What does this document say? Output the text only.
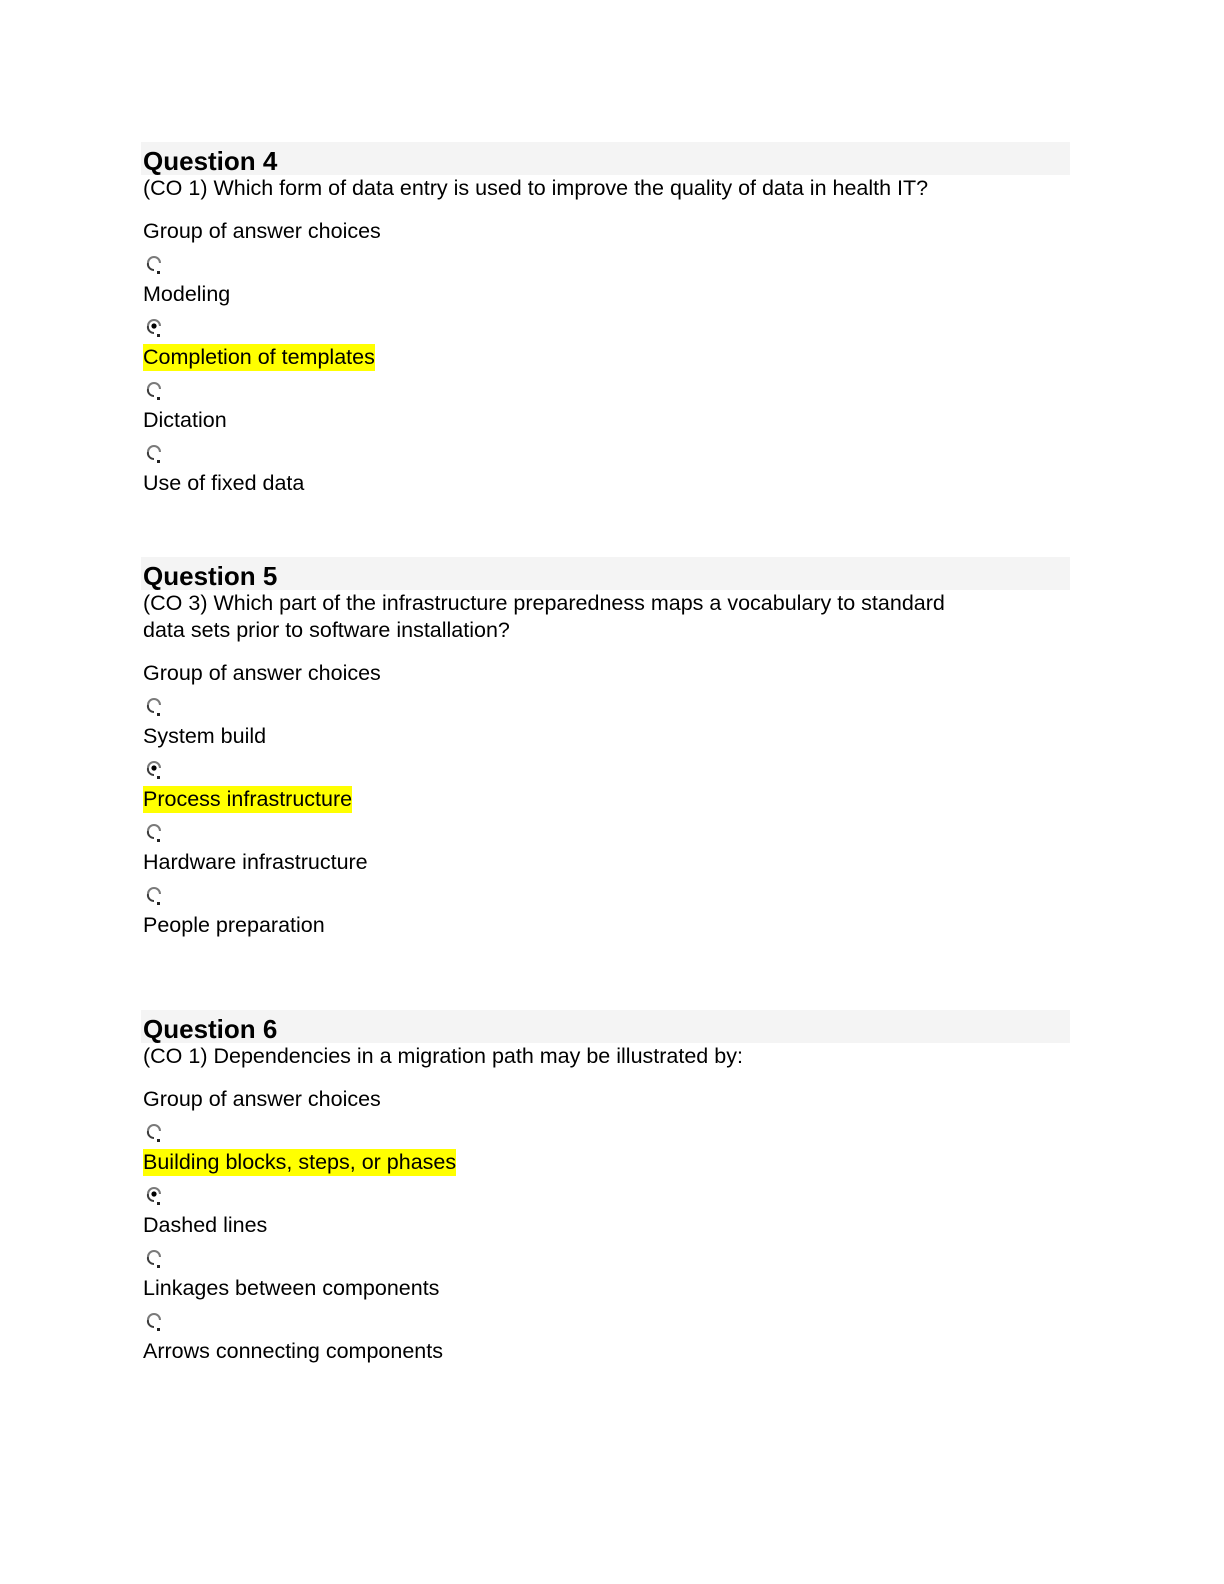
Question 4

(CO 1) Which form of data entry is used to improve the quality of data in health IT?

Group of answer choices
Modeling
Completion of templates
Dictation
Use of fixed data
Question 5

(CO 3) Which part of the infrastructure preparedness maps a vocabulary to standard
data sets prior to software installation?

Group of answer choices
System build
Process infrastructure
Hardware infrastructure
People preparation
Question 6

(CO 1) Dependencies in a migration path may be illustrated by:

Group of answer choices
Building blocks, steps, or phases
Dashed lines
Linkages between components
Arrows connecting components
